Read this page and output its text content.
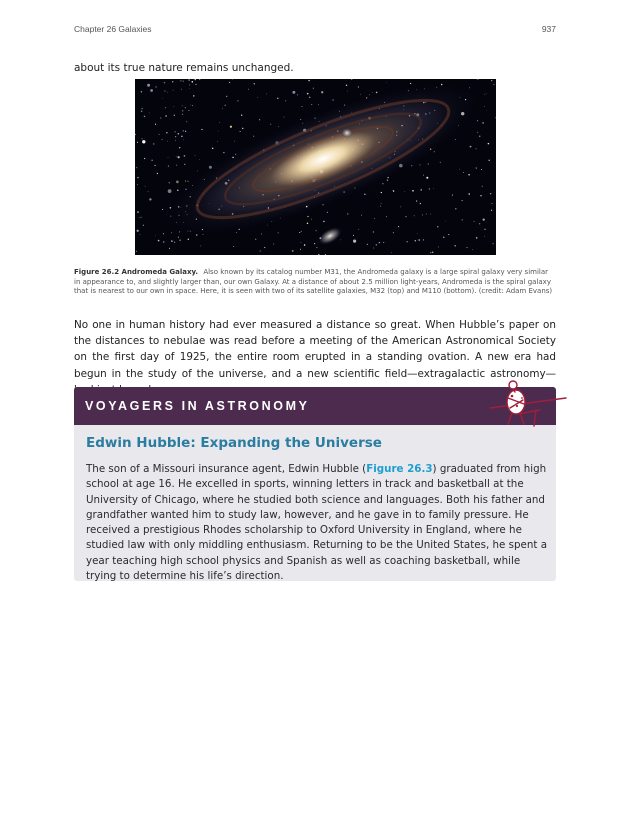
Chapter 26 Galaxies	937
about its true nature remains unchanged.
Figure 26.2 Andromeda Galaxy. Also known by its catalog number M31, the Andromeda galaxy is a large spiral galaxy very similar in appearance to, and slightly larger than, our own Galaxy. At a distance of about 2.5 million light-years, Andromeda is the spiral galaxy that is nearest to our own in space. Here, it is seen with two of its satellite galaxies, M32 (top) and M110 (bottom). (credit: Adam Evans)
No one in human history had ever measured a distance so great. When Hubble’s paper on the distances to nebulae was read before a meeting of the American Astronomical Society on the first day of 1925, the entire room erupted in a standing ovation. A new era had begun in the study of the universe, and a new scientific field—extragalactic astronomy—
VOYAGERS IN ASTRONOMY
Edwin Hubble: Expanding the Universe
The son of a Missouri insurance agent, Edwin Hubble (Figure 26.3) graduated from high school at age 16. He excelled in sports, winning letters in track and basketball at the University of Chicago, where he studied both science and languages. Both his father and grandfather wanted him to study law, however, and he gave in to family pressure. He received a prestigious Rhodes scholarship to Oxford University in England, where he studied law with only middling enthusiasm. Returning to be the United States, he spent a year teaching high school physics and Spanish as well as coaching basketball, while trying to determine his life’s direction.
